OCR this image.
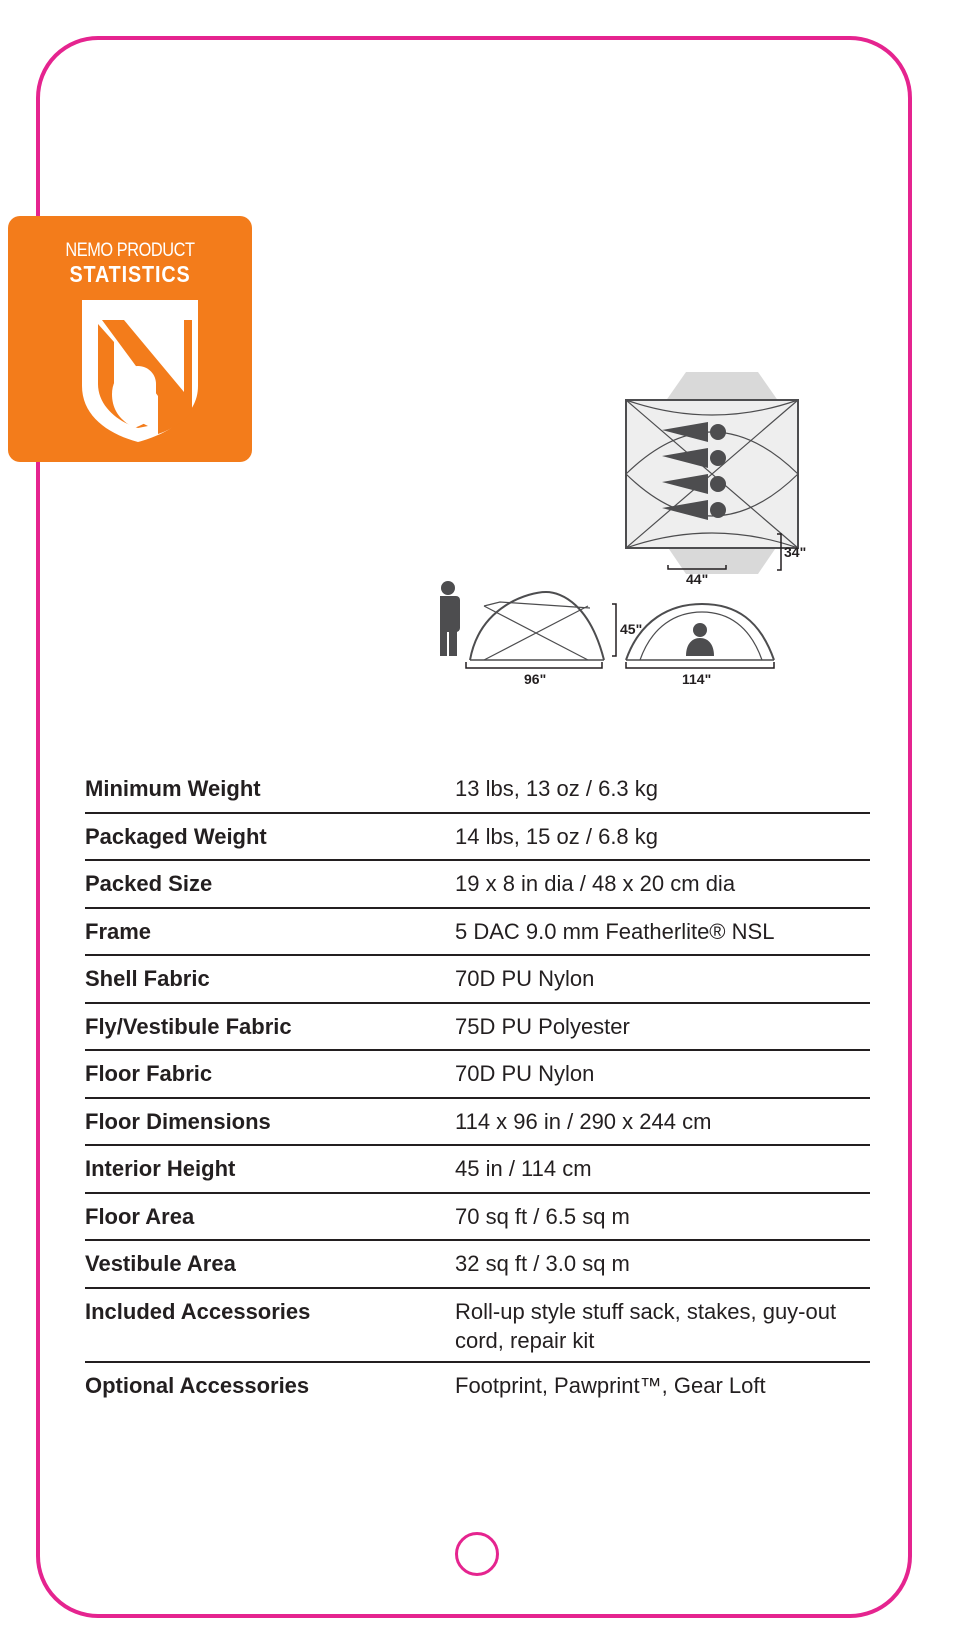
NEMO PRODUCT
STATISTICS
34"
44"
96"
45"
114"
Minimum Weight	13 lbs, 13 oz / 6.3 kg
Packaged Weight	14 lbs, 15 oz / 6.8 kg
Packed Size	19 x 8 in dia / 48 x 20 cm dia
Frame	5 DAC 9.0 mm Featherlite® NSL
Shell Fabric	70D PU Nylon
Fly/Vestibule Fabric	75D PU Polyester
Floor Fabric	70D PU Nylon
Floor Dimensions	114 x 96 in / 290 x 244 cm
Interior Height	45 in / 114 cm
Floor Area	70 sq ft / 6.5 sq m
Vestibule Area	32 sq ft / 3.0 sq m
Included Accessories	Roll-up style stuff sack, stakes, guy-out cord, repair kit
Optional Accessories	Footprint, Pawprint™, Gear Loft
